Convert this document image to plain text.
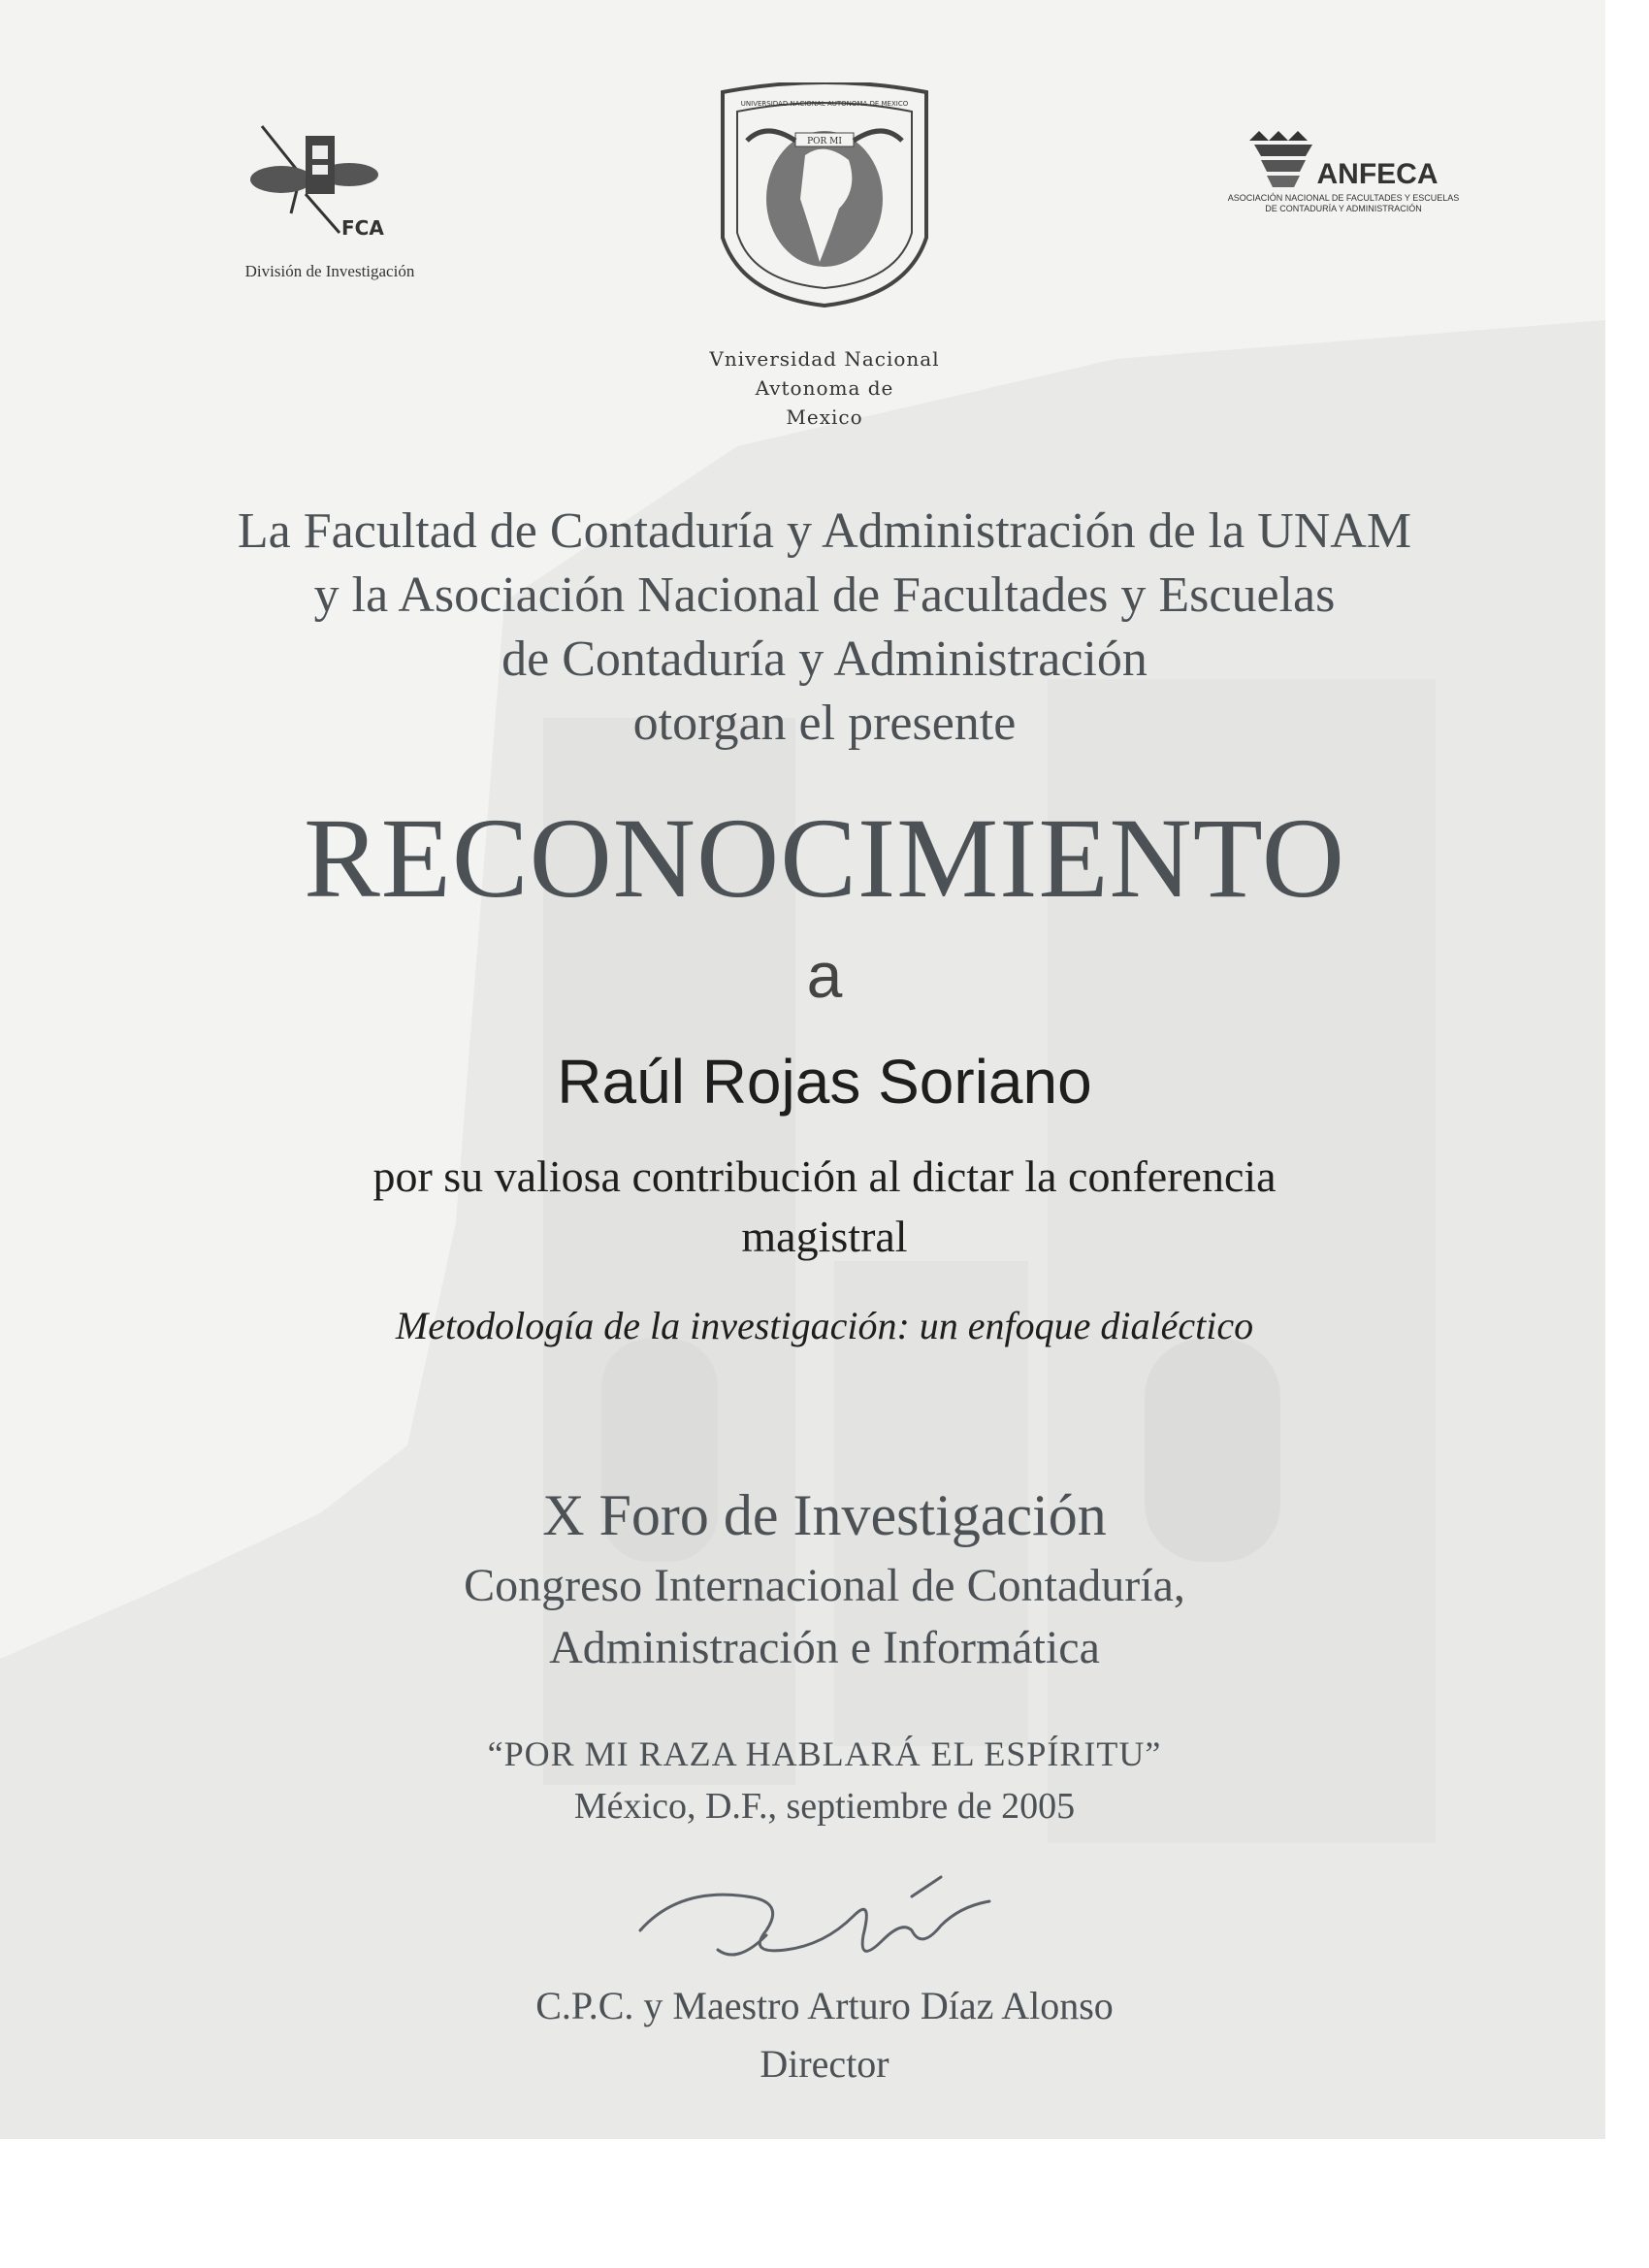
FCA
División de Investigación
POR MI
UNIVERSIDAD NACIONAL AUTONOMA DE MEXICO
Vniversidad Nacional
Avtonoma de
Mexico
ANFECA
ASOCIACIÓN NACIONAL DE FACULTADES Y ESCUELAS
DE CONTADURÍA Y ADMINISTRACIÓN
La Facultad de Contaduría y Administración de la UNAM
y la Asociación Nacional de Facultades y Escuelas
de Contaduría y Administración
otorgan el presente
RECONOCIMIENTO
a
Raúl Rojas Soriano
por su valiosa contribución al dictar la conferencia
magistral
Metodología de la investigación: un enfoque dialéctico
X Foro de Investigación
Congreso Internacional de Contaduría,
Administración e Informática
“POR MI RAZA HABLARÁ EL ESPÍRITU”
México, D.F., septiembre de 2005
C.P.C. y Maestro Arturo Díaz Alonso
Director
